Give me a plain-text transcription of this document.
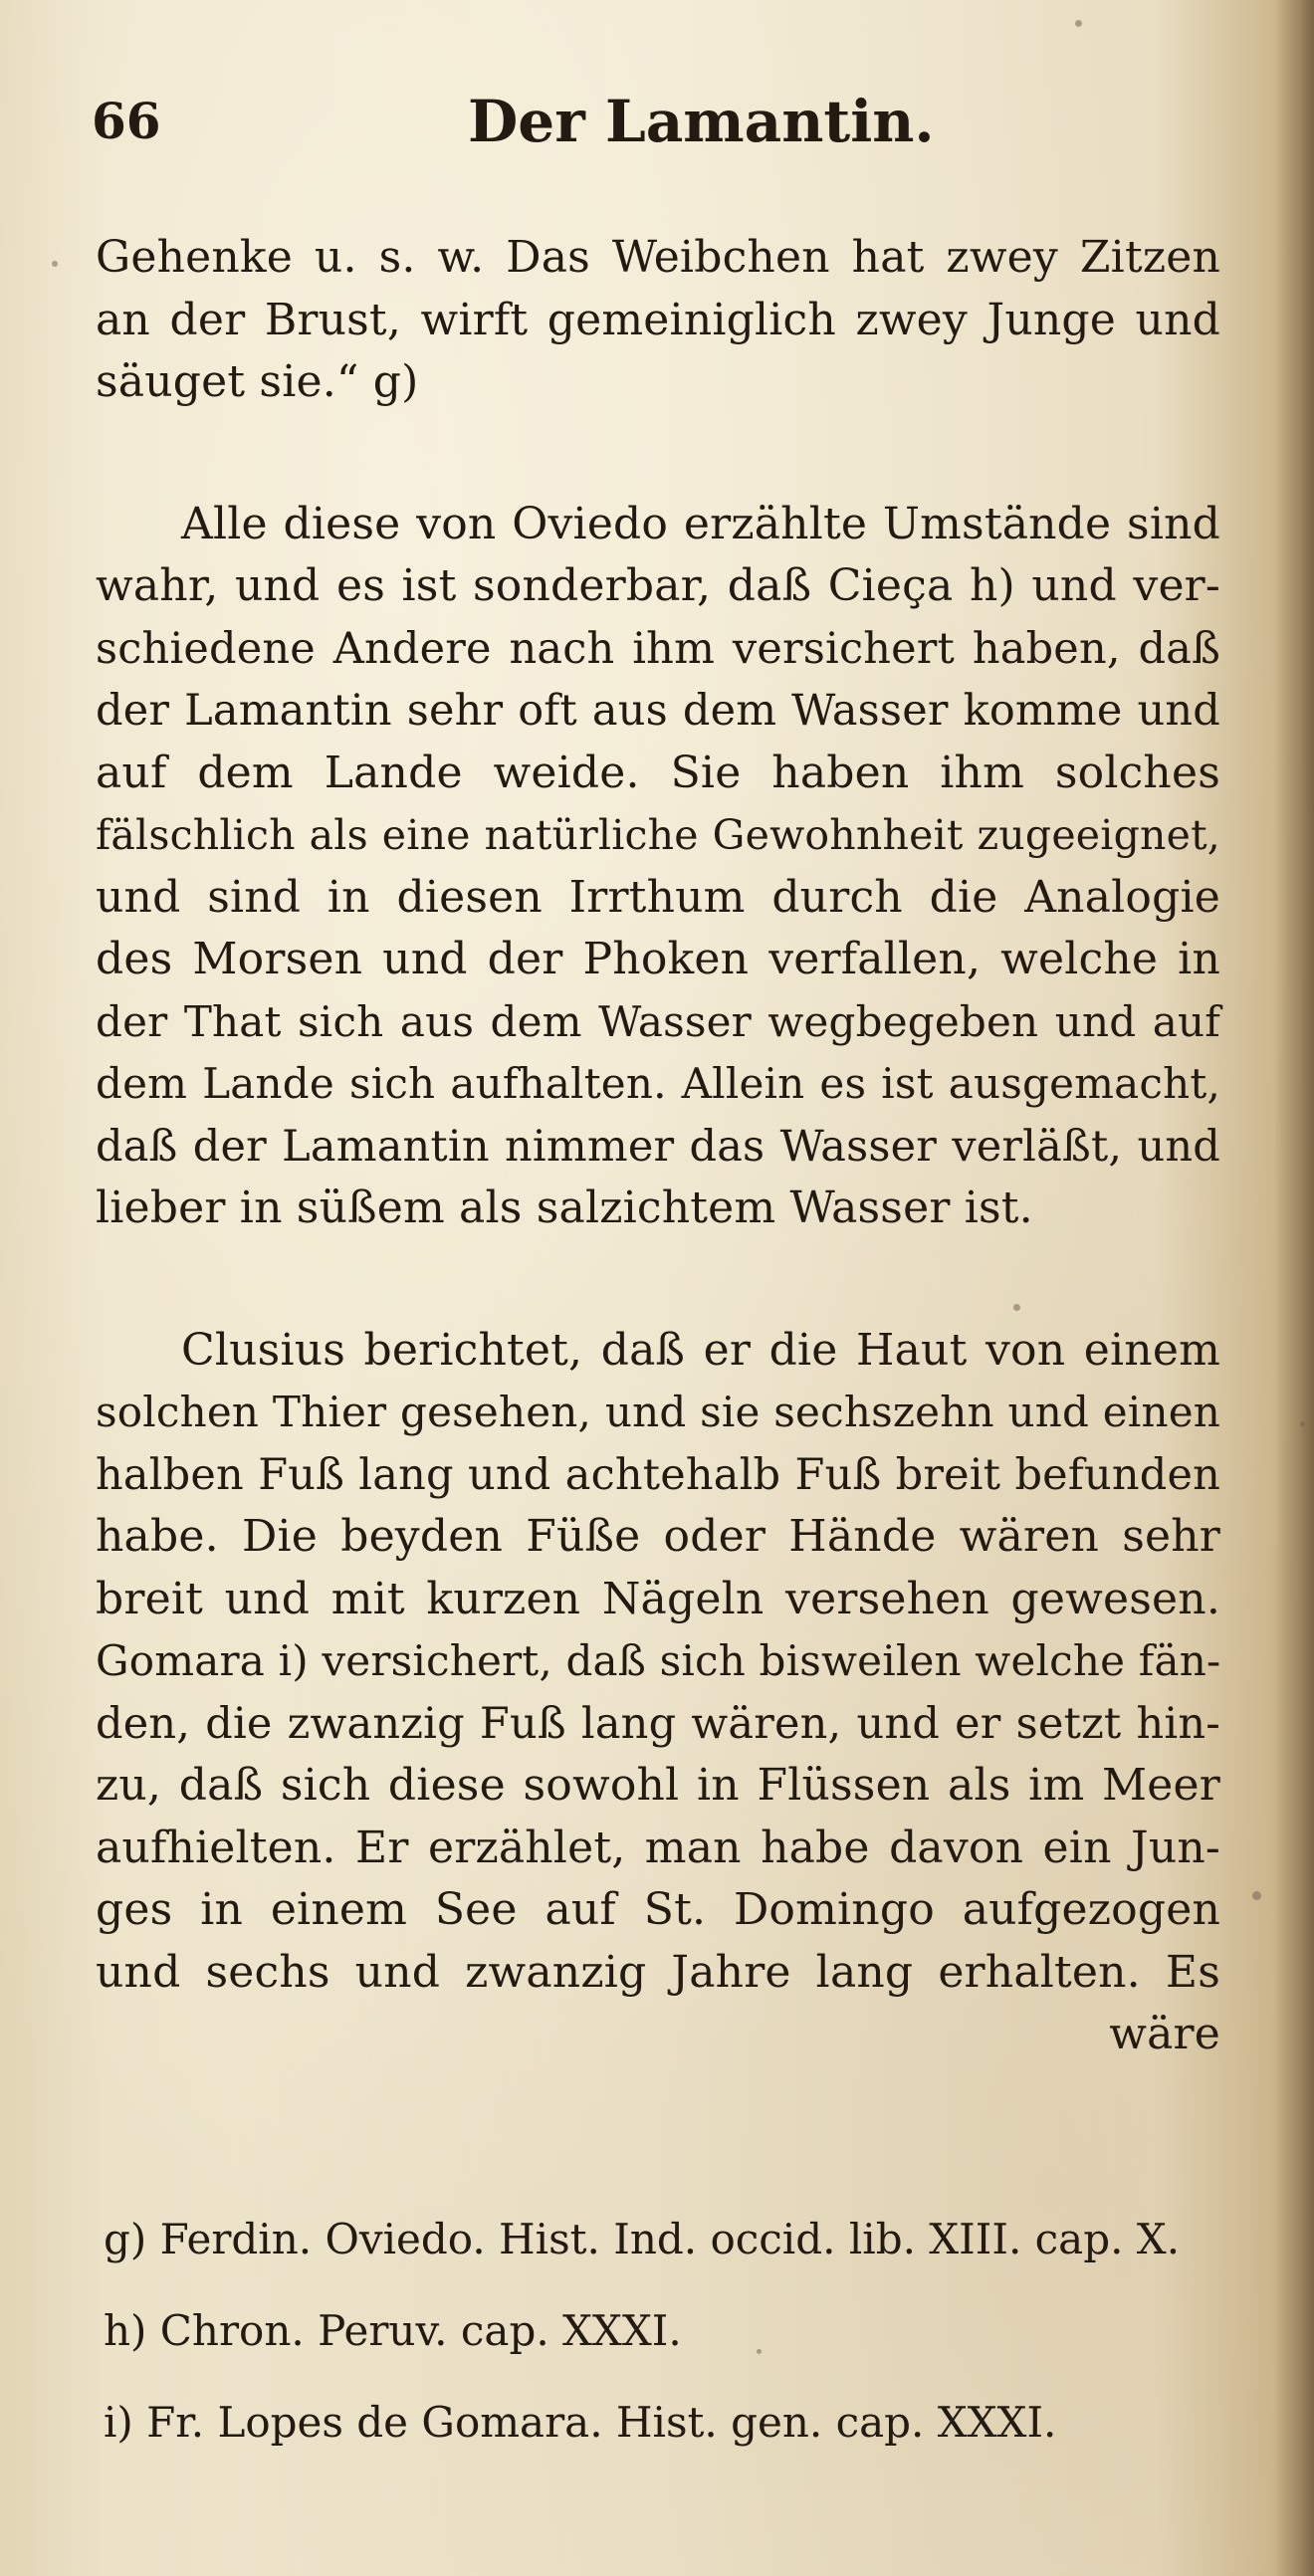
66	Der Lamantin.

Gehenke u. s. w. Das Weibchen hat zwey Zitzen

an der Brust, wirft gemeiniglich zwey Junge und

säuget sie.“ g)

Alle diese von Oviedo erzählte Umstände sind

wahr, und es ist sonderbar, daß Cieça h) und ver-

schiedene Andere nach ihm versichert haben, daß

der Lamantin sehr oft aus dem Wasser komme und

auf dem Lande weide. Sie haben ihm solches

fälschlich als eine natürliche Gewohnheit zugeeignet,

und sind in diesen Irrthum durch die Analogie

des Morsen und der Phoken verfallen, welche in

der That sich aus dem Wasser wegbegeben und auf

dem Lande sich aufhalten. Allein es ist ausgemacht,

daß der Lamantin nimmer das Wasser verläßt, und

lieber in süßem als salzichtem Wasser ist.

Clusius berichtet, daß er die Haut von einem

solchen Thier gesehen, und sie sechszehn und einen

halben Fuß lang und achtehalb Fuß breit befunden

habe. Die beyden Füße oder Hände wären sehr

breit und mit kurzen Nägeln versehen gewesen.

Gomara i) versichert, daß sich bisweilen welche fän-

den, die zwanzig Fuß lang wären, und er setzt hin-

zu, daß sich diese sowohl in Flüssen als im Meer

aufhielten. Er erzählet, man habe davon ein Jun-

ges in einem See auf St. Domingo aufgezogen

und sechs und zwanzig Jahre lang erhalten. Es

wäre

g) Ferdin. Oviedo. Hist. Ind. occid. lib. XIII. cap. X.

h) Chron. Peruv. cap. XXXI.

i) Fr. Lopes de Gomara. Hist. gen. cap. XXXI.
